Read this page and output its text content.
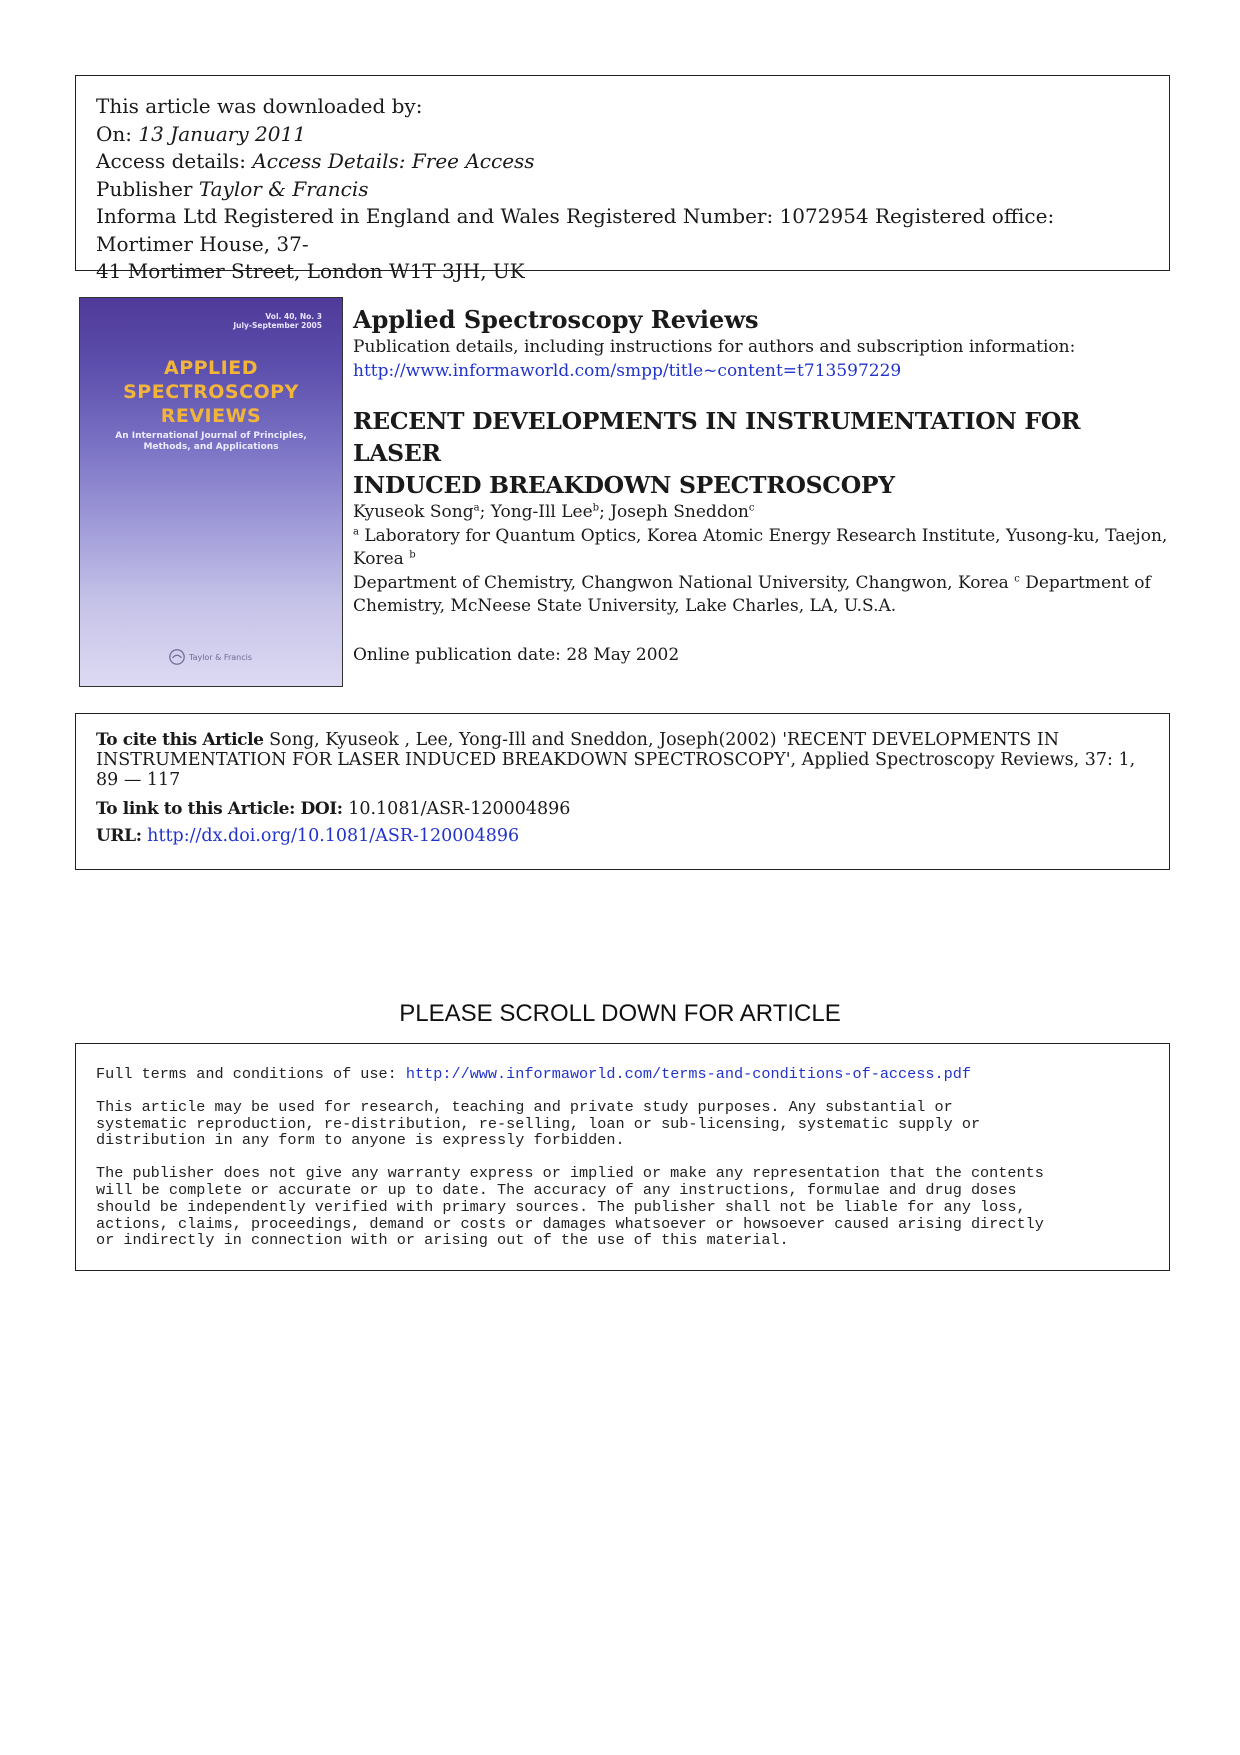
This article was downloaded by:
On: 13 January 2011
Access details: Access Details: Free Access
Publisher Taylor & Francis
Informa Ltd Registered in England and Wales Registered Number: 1072954 Registered office: Mortimer House, 37-
41 Mortimer Street, London W1T 3JH, UK
Vol. 40, No. 3
July-September 2005
APPLIED
SPECTROSCOPY
REVIEWS
An International Journal of Principles,
Methods, and Applications
Taylor & Francis
Applied Spectroscopy Reviews
Publication details, including instructions for authors and subscription information:
http://www.informaworld.com/smpp/title~content=t713597229
RECENT DEVELOPMENTS IN INSTRUMENTATION FOR LASER
INDUCED BREAKDOWN SPECTROSCOPY
Kyuseok Song$^a$; Yong-Ill Lee$^b$; Joseph Sneddon$^c$
$^a$ Laboratory for Quantum Optics, Korea Atomic Energy Research Institute, Yusong-ku, Taejon, Korea $^b$
Department of Chemistry, Changwon National University, Changwon, Korea $^c$ Department of
Chemistry, McNeese State University, Lake Charles, LA, U.S.A.
Online publication date: 28 May 2002
To cite this Article Song, Kyuseok , Lee, Yong-Ill and Sneddon, Joseph(2002) 'RECENT DEVELOPMENTS IN
INSTRUMENTATION FOR LASER INDUCED BREAKDOWN SPECTROSCOPY', Applied Spectroscopy Reviews, 37: 1,
89 — 117
To link to this Article: DOI: 10.1081/ASR-120004896
URL: http://dx.doi.org/10.1081/ASR-120004896
PLEASE SCROLL DOWN FOR ARTICLE

Full terms and conditions of use: http://www.informaworld.com/terms-and-conditions-of-access.pdf

This article may be used for research, teaching and private study purposes. Any substantial or
systematic reproduction, re-distribution, re-selling, loan or sub-licensing, systematic supply or
distribution in any form to anyone is expressly forbidden.

The publisher does not give any warranty express or implied or make any representation that the contents
will be complete or accurate or up to date. The accuracy of any instructions, formulae and drug doses
should be independently verified with primary sources. The publisher shall not be liable for any loss,
actions, claims, proceedings, demand or costs or damages whatsoever or howsoever caused arising directly
or indirectly in connection with or arising out of the use of this material.
